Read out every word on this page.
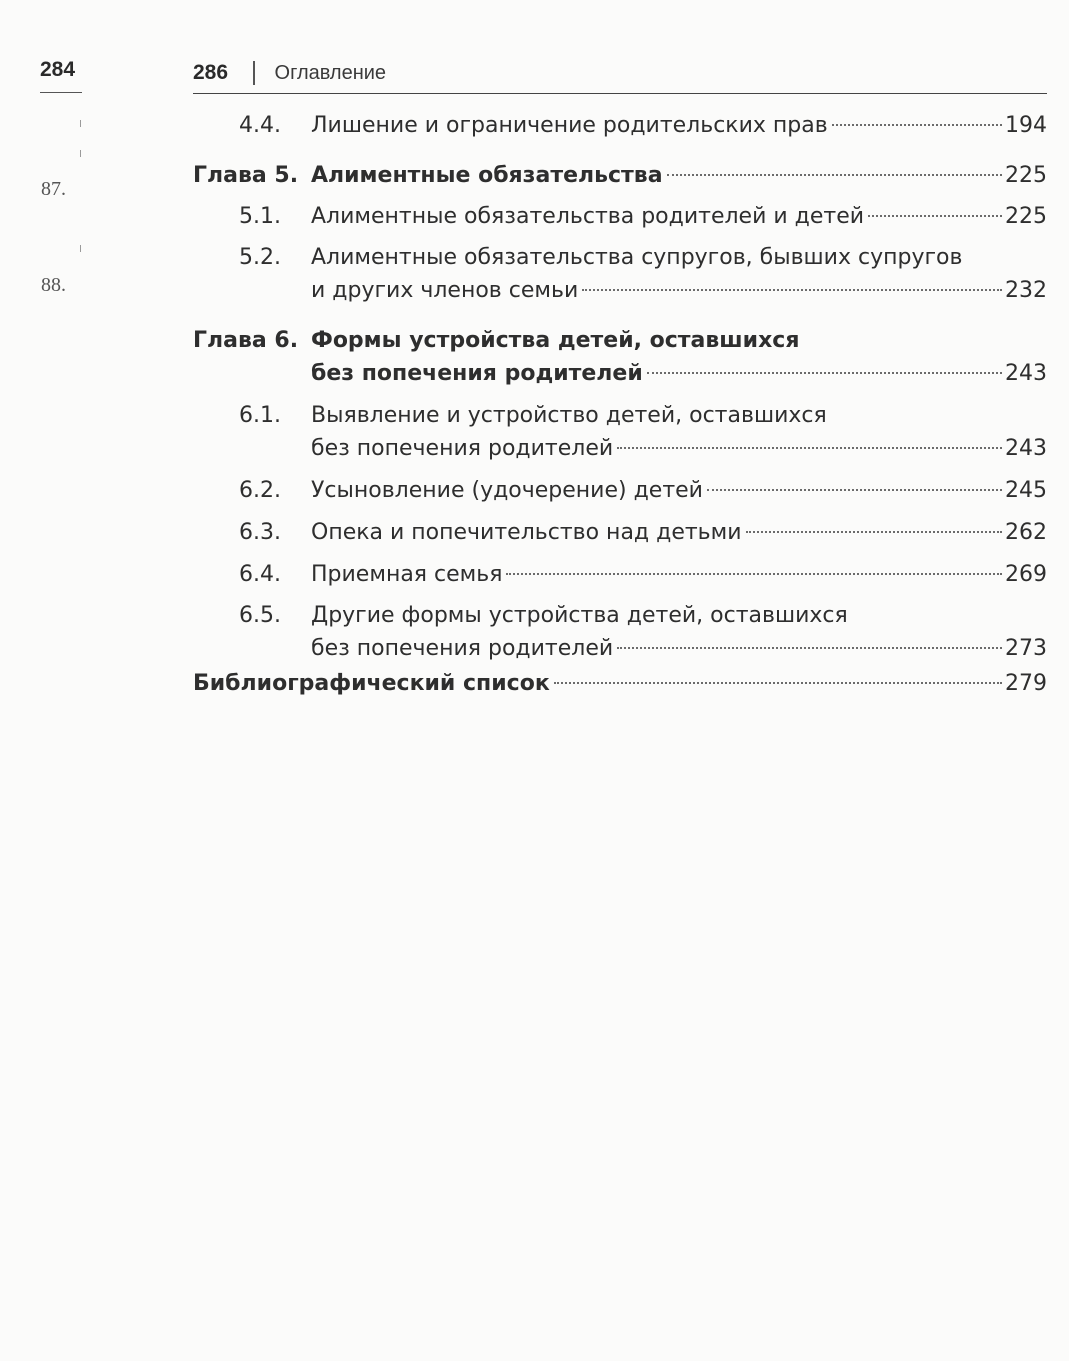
284
87.
88.
286 Оглавление
4.4. Лишение и ограничение родительских прав	194
Глава 5. Алиментные обязательства	225
5.1. Алиментные обязательства родителей и детей	225
5.2. Алиментные обязательства супругов, бывших супругов
и других членов семьи	232
Глава 6. Формы устройства детей, оставшихся
без попечения родителей	243
6.1. Выявление и устройство детей, оставшихся
без попечения родителей	243
6.2. Усыновление (удочерение) детей	245
6.3. Опека и попечительство над детьми	262
6.4. Приемная семья	269
6.5. Другие формы устройства детей, оставшихся
без попечения родителей	273
Библиографический список	279
